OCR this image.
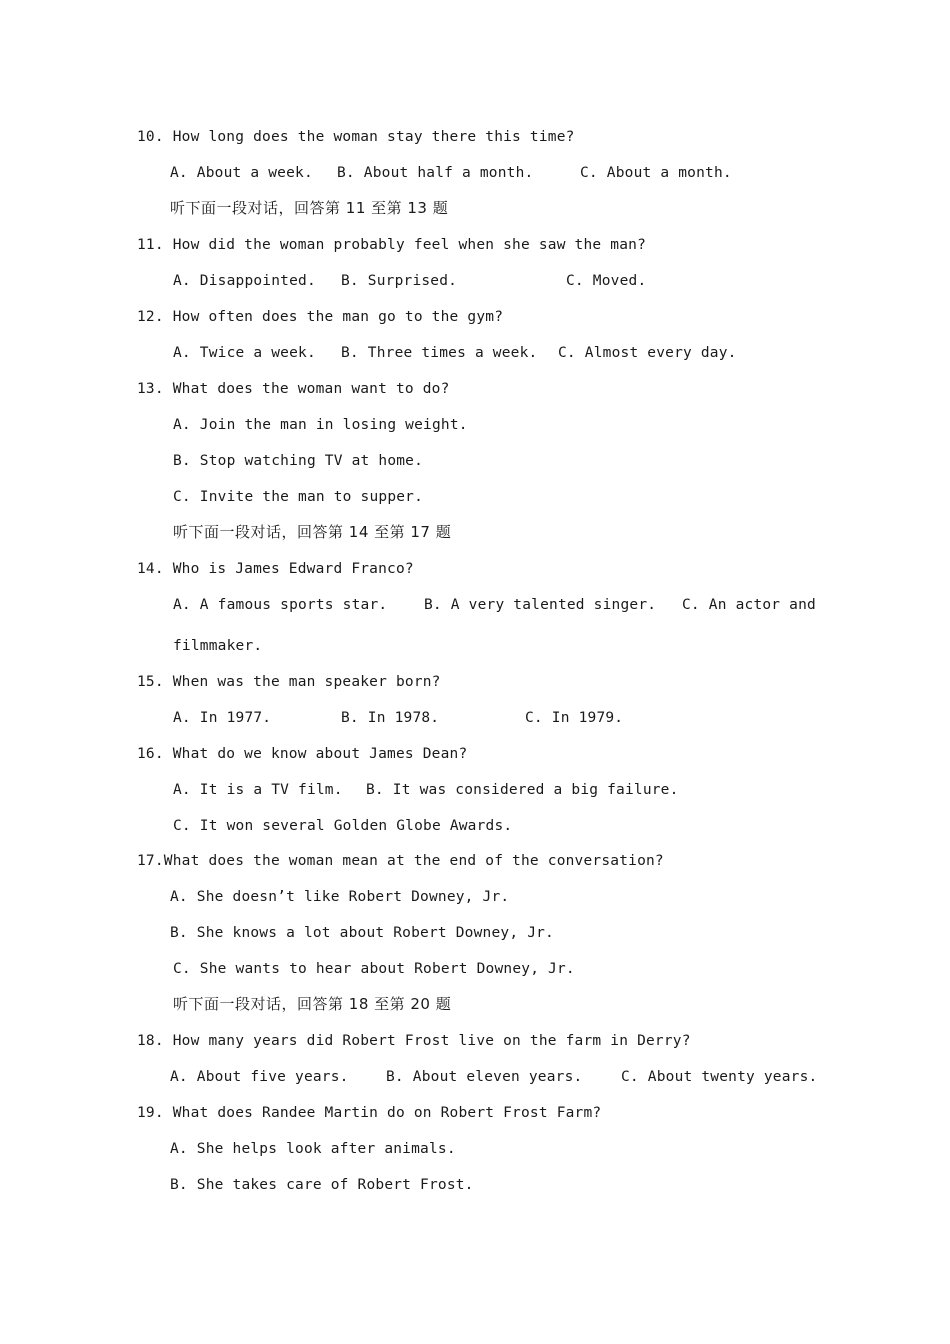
10. How long does the woman stay there this time?
A. About a week. B. About half a month.	C. About a month.
听下面一段对话，回答第 11 至第 13 题
11. How did the woman probably feel when she saw the man?
A. Disappointed. B. Surprised.	C. Moved.
12. How often does the man go to the gym?
A. Twice a week. B. Three times a week. C. Almost every day.
13. What does the woman want to do?
A. Join the man in losing weight.
B. Stop watching TV at home.
C. Invite the man to supper.
听下面一段对话，回答第 14 至第 17 题
14. Who is James Edward Franco?
A. A famous sports star.	B. A very talented singer. C. An actor and
filmmaker.
15. When was the man speaker born?
A. In 1977.	B. In 1978.	C. In 1979.
16. What do we know about James Dean?
A. It is a TV film. B. It was considered a big failure.
C. It won several Golden Globe Awards.
17.What does the woman mean at the end of the conversation?
A. She doesn’t like Robert Downey, Jr.
B. She knows a lot about Robert Downey, Jr.
C. She wants to hear about Robert Downey, Jr.
听下面一段对话，回答第 18 至第 20 题
18. How many years did Robert Frost live on the farm in Derry?
A. About five years.	B. About eleven years.	C. About twenty years.
19. What does Randee Martin do on Robert Frost Farm?
A. She helps look after animals.
B. She takes care of Robert Frost.
